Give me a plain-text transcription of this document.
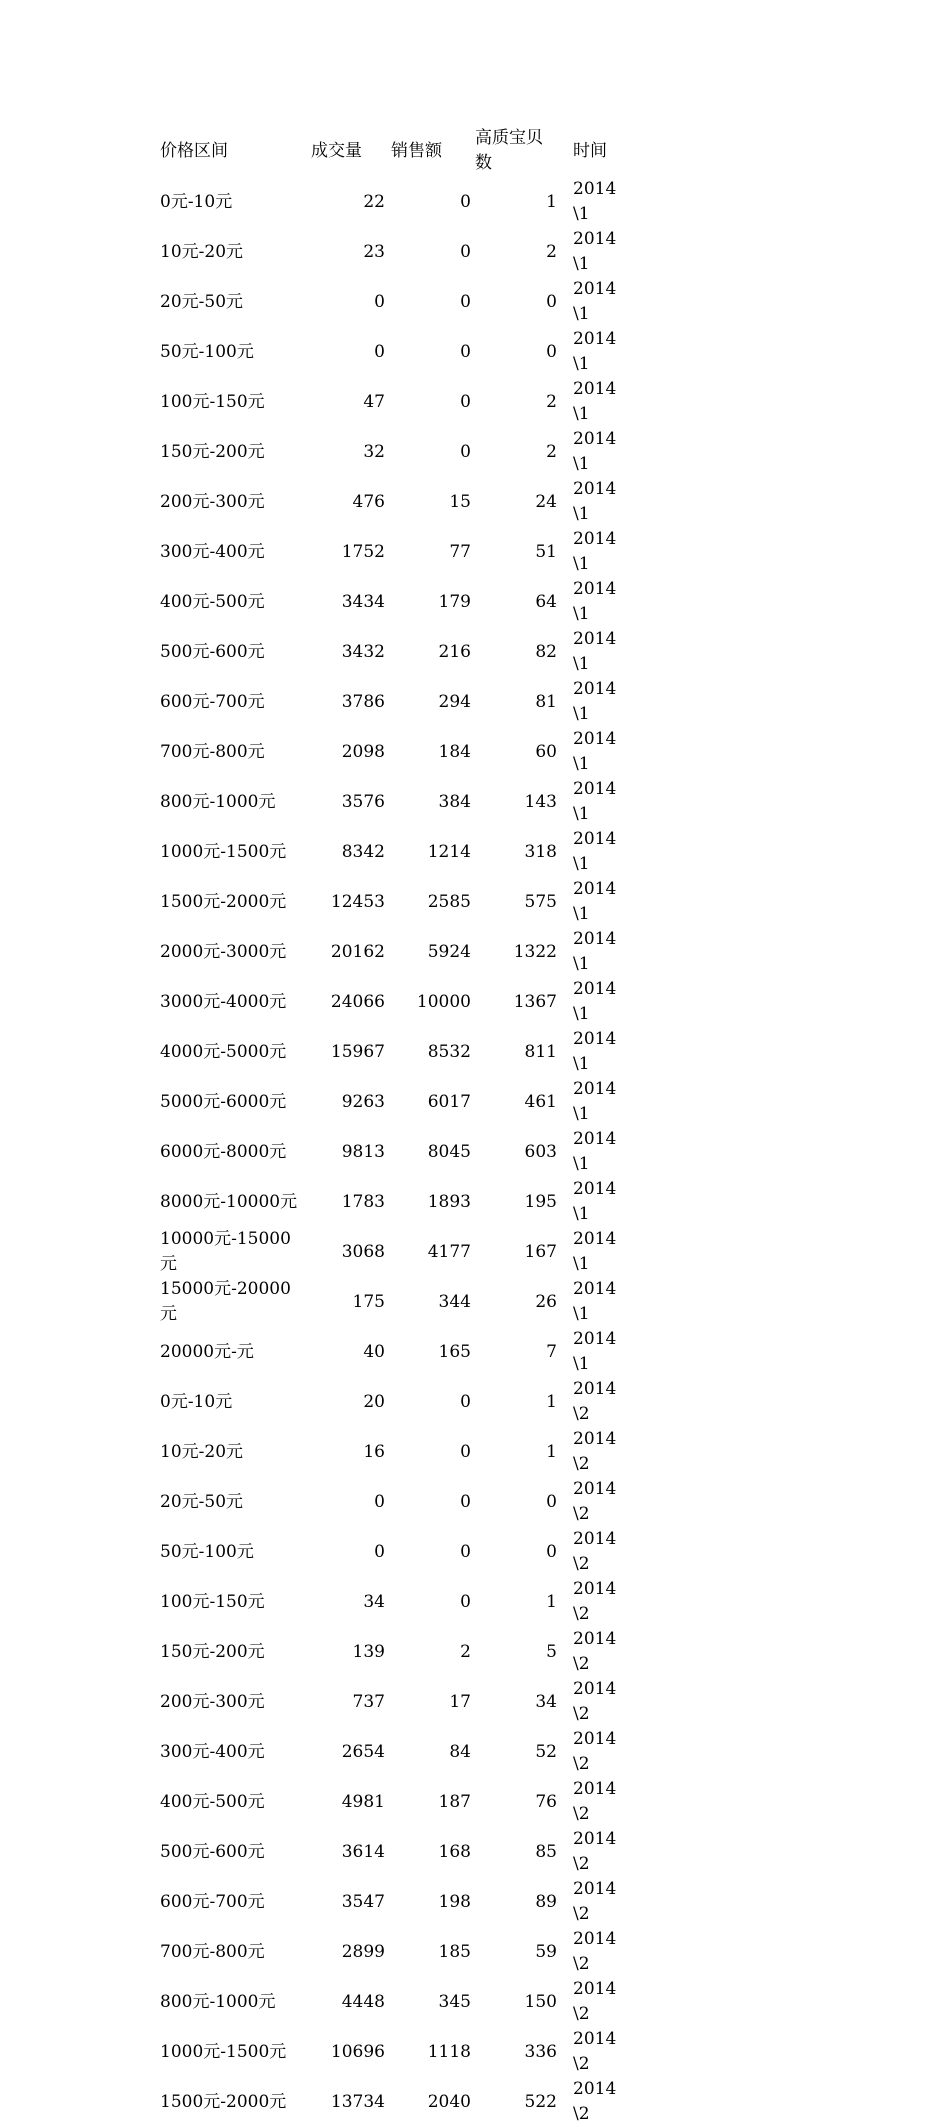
价格区间	成交量	销售额	高质宝贝数	时间
0元-10元	22	0	1	2014\1
10元-20元	23	0	2	2014\1
20元-50元	0	0	0	2014\1
50元-100元	0	0	0	2014\1
100元-150元	47	0	2	2014\1
150元-200元	32	0	2	2014\1
200元-300元	476	15	24	2014\1
300元-400元	1752	77	51	2014\1
400元-500元	3434	179	64	2014\1
500元-600元	3432	216	82	2014\1
600元-700元	3786	294	81	2014\1
700元-800元	2098	184	60	2014\1
800元-1000元	3576	384	143	2014\1
1000元-1500元	8342	1214	318	2014\1
1500元-2000元	12453	2585	575	2014\1
2000元-3000元	20162	5924	1322	2014\1
3000元-4000元	24066	10000	1367	2014\1
4000元-5000元	15967	8532	811	2014\1
5000元-6000元	9263	6017	461	2014\1
6000元-8000元	9813	8045	603	2014\1
8000元-10000元	1783	1893	195	2014\1
10000元-15000元	3068	4177	167	2014\1
15000元-20000元	175	344	26	2014\1
20000元-元	40	165	7	2014\1
0元-10元	20	0	1	2014\2
10元-20元	16	0	1	2014\2
20元-50元	0	0	0	2014\2
50元-100元	0	0	0	2014\2
100元-150元	34	0	1	2014\2
150元-200元	139	2	5	2014\2
200元-300元	737	17	34	2014\2
300元-400元	2654	84	52	2014\2
400元-500元	4981	187	76	2014\2
500元-600元	3614	168	85	2014\2
600元-700元	3547	198	89	2014\2
700元-800元	2899	185	59	2014\2
800元-1000元	4448	345	150	2014\2
1000元-1500元	10696	1118	336	2014\2
1500元-2000元	13734	2040	522	2014\2
